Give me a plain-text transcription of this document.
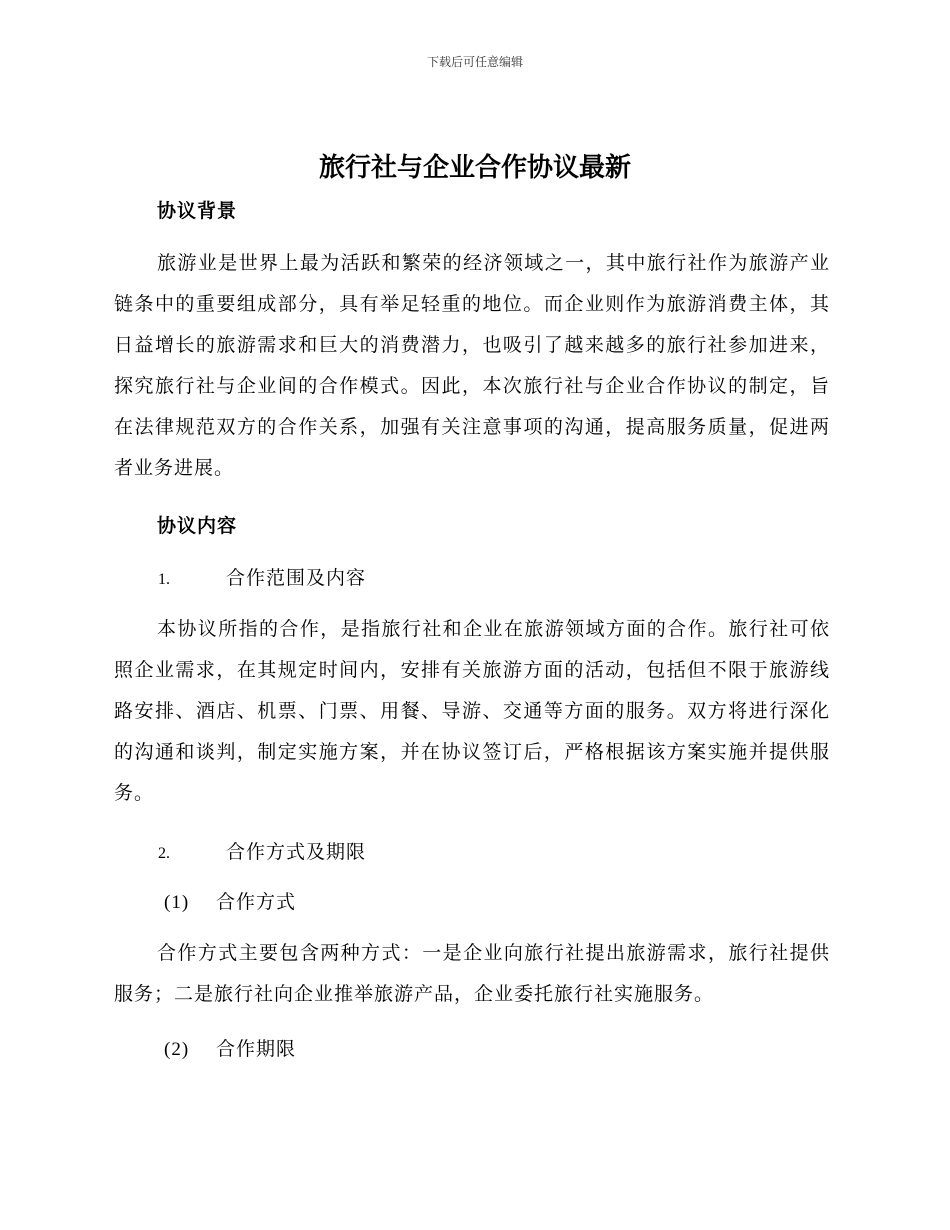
下载后可任意编辑
旅行社与企业合作协议最新
协议背景
旅游业是世界上最为活跃和繁荣的经济领域之一，其中旅行社作为旅游产业链条中的重要组成部分，具有举足轻重的地位。而企业则作为旅游消费主体，其日益增长的旅游需求和巨大的消费潜力，也吸引了越来越多的旅行社参加进来，探究旅行社与企业间的合作模式。因此，本次旅行社与企业合作协议的制定，旨在法律规范双方的合作关系，加强有关注意事项的沟通，提高服务质量，促进两者业务进展。
协议内容
1.	合作范围及内容
本协议所指的合作，是指旅行社和企业在旅游领域方面的合作。旅行社可依照企业需求，在其规定时间内，安排有关旅游方面的活动，包括但不限于旅游线路安排、酒店、机票、门票、用餐、导游、交通等方面的服务。双方将进行深化的沟通和谈判，制定实施方案，并在协议签订后，严格根据该方案实施并提供服务。
2.	合作方式及期限
(1) 合作方式
合作方式主要包含两种方式：一是企业向旅行社提出旅游需求，旅行社提供服务；二是旅行社向企业推举旅游产品，企业委托旅行社实施服务。
(2) 合作期限
